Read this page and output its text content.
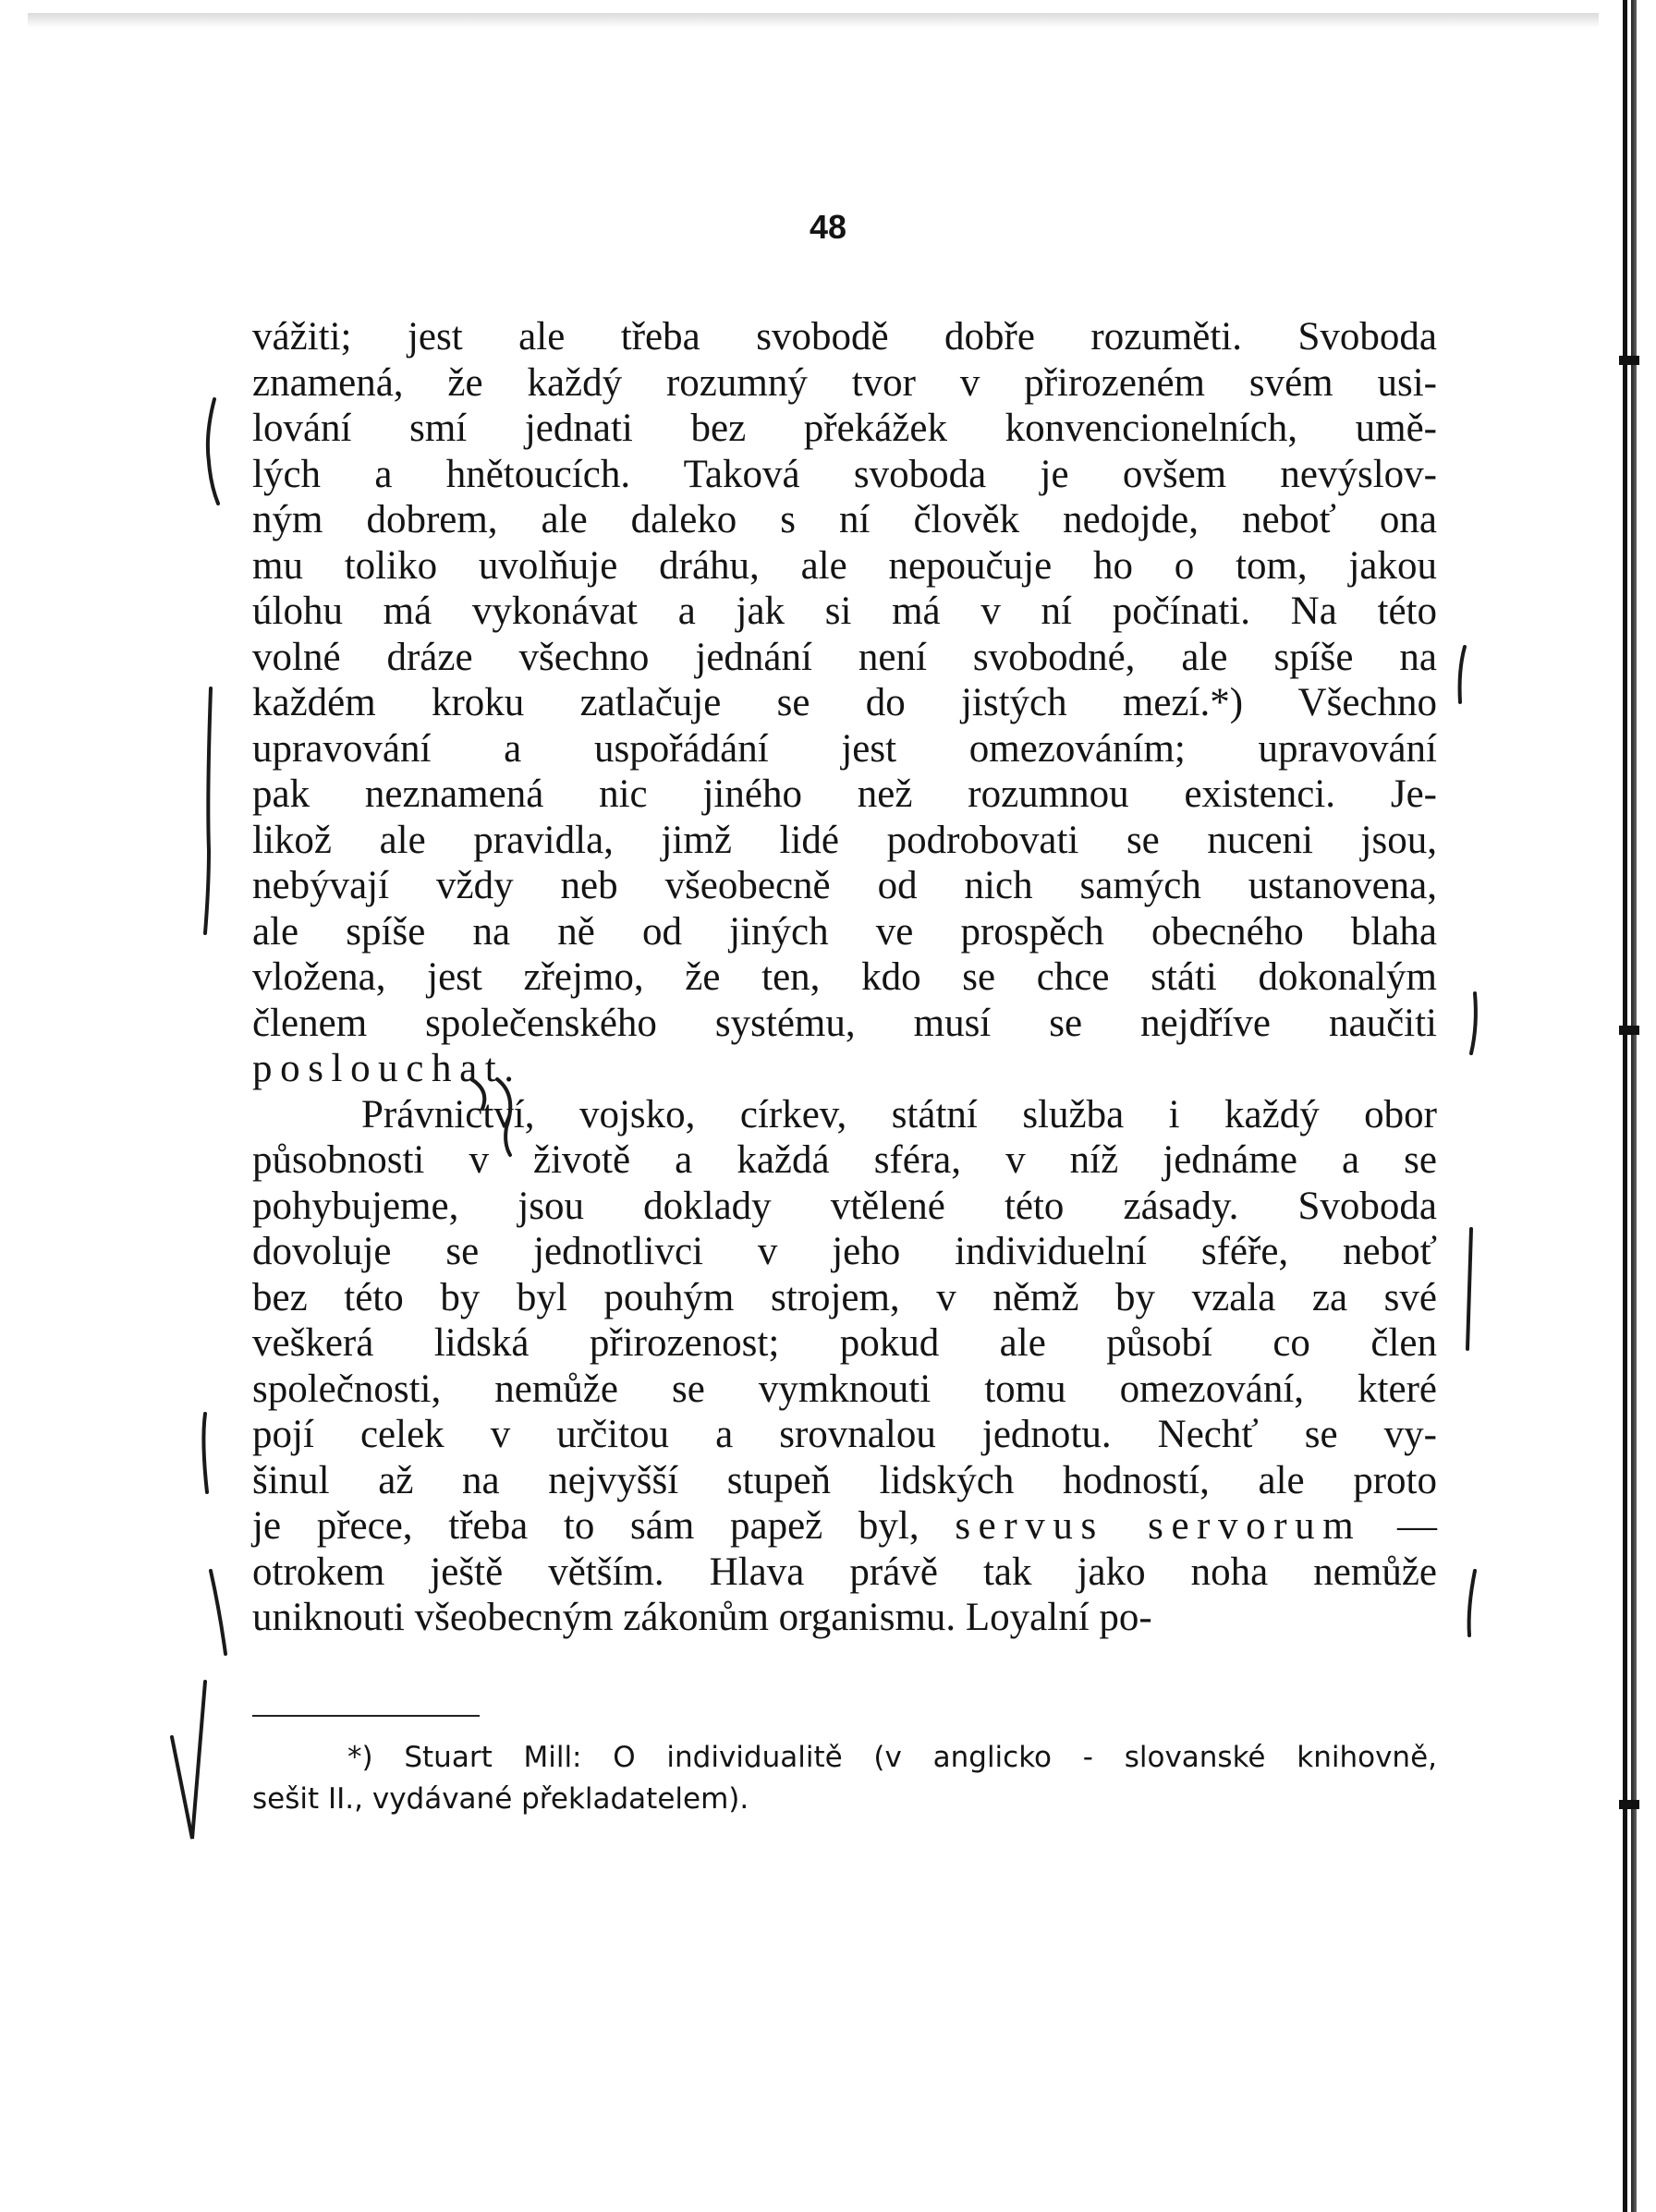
48
vážiti; jest ale třeba svobodě dobře rozuměti. Svoboda
znamená, že každý rozumný tvor v přirozeném svém usi-
lování smí jednati bez překážek konvencionelních, umě-
lých a hnětoucích. Taková svoboda je ovšem nevýslov-
ným dobrem, ale daleko s ní člověk nedojde, neboť ona
mu toliko uvolňuje dráhu, ale nepoučuje ho o tom, jakou
úlohu má vykonávat a jak si má v ní počínati. Na této
volné dráze všechno jednání není svobodné, ale spíše na
každém kroku zatlačuje se do jistých mezí.*) Všechno
upravování a uspořádání jest omezováním; upravování
pak neznamená nic jiného než rozumnou existenci. Je-
likož ale pravidla, jimž lidé podrobovati se nuceni jsou,
nebývají vždy neb všeobecně od nich samých ustanovena,
ale spíše na ně od jiných ve prospěch obecného blaha
vložena, jest zřejmo, že ten, kdo se chce státi dokonalým
členem společenského systému, musí se nejdříve naučiti
poslouchat.
Právnictví, vojsko, církev, státní služba i každý obor
působnosti v životě a každá sféra, v níž jednáme a se
pohybujeme, jsou doklady vtělené této zásady. Svoboda
dovoluje se jednotlivci v jeho individuelní sféře, neboť
bez této by byl pouhým strojem, v němž by vzala za své
veškerá lidská přirozenost; pokud ale působí co člen
společnosti, nemůže se vymknouti tomu omezování, které
pojí celek v určitou a srovnalou jednotu. Nechť se vy-
šinul až na nejvyšší stupeň lidských hodností, ale proto
je přece, třeba to sám papež byl, servus servorum —
otrokem ještě větším. Hlava právě tak jako noha nemůže
uniknouti všeobecným zákonům organismu. Loyalní po-
*) Stuart Mill: O individualitě (v anglicko - slovanské knihovně,
sešit II., vydávané překladatelem).
